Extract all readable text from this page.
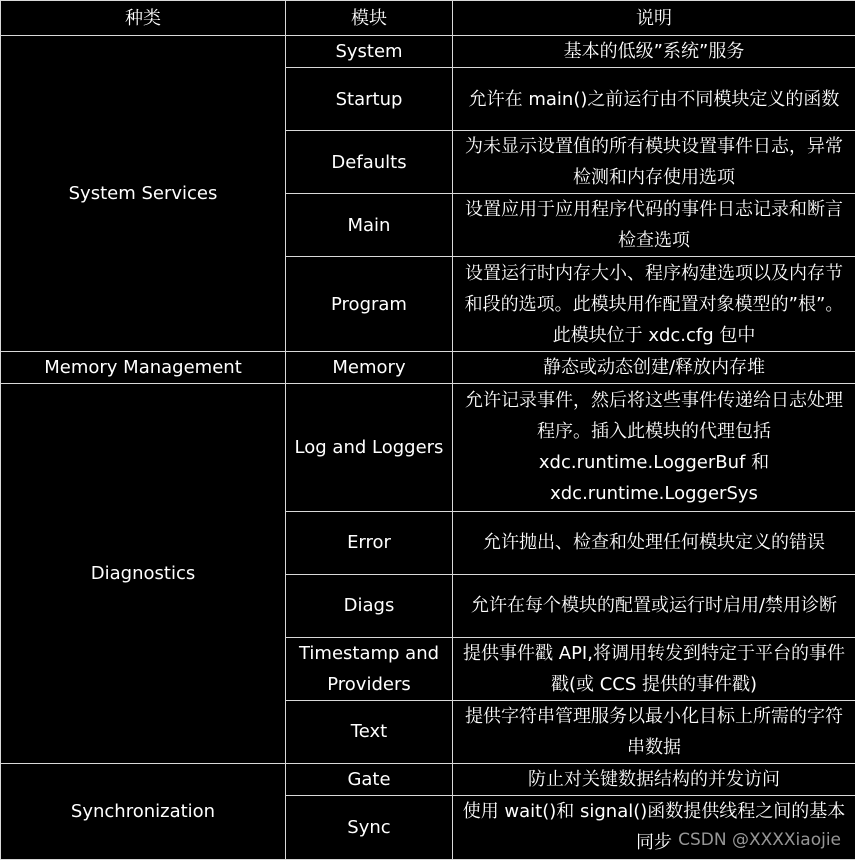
种类	模块	说明
System Services	System	基本的低级”系统”服务
	Startup	允许在 main()之前运行由不同模块定义的函数
	Defaults	为未显示设置值的所有模块设置事件日志，异常检测和内存使用选项
	Main	设置应用于应用程序代码的事件日志记录和断言检查选项
	Program	设置运行时内存大小、程序构建选项以及内存节和段的选项。此模块用作配置对象模型的”根”。此模块位于 xdc.cfg 包中
Memory Management	Memory	静态或动态创建/释放内存堆
Diagnostics	Log and Loggers	允许记录事件，然后将这些事件传递给日志处理程序。插入此模块的代理包括 xdc.runtime.LoggerBuf 和 xdc.runtime.LoggerSys
	Error	允许抛出、检查和处理任何模块定义的错误
	Diags	允许在每个模块的配置或运行时启用/禁用诊断
	Timestamp and Providers	提供事件戳 API,将调用转发到特定于平台的事件戳(或 CCS 提供的事件戳)
	Text	提供字符串管理服务以最小化目标上所需的字符串数据
Synchronization	Gate	防止对关键数据结构的并发访问
	Sync	使用 wait()和 signal()函数提供线程之间的基本同步 CSDN @XXXXiaojie
